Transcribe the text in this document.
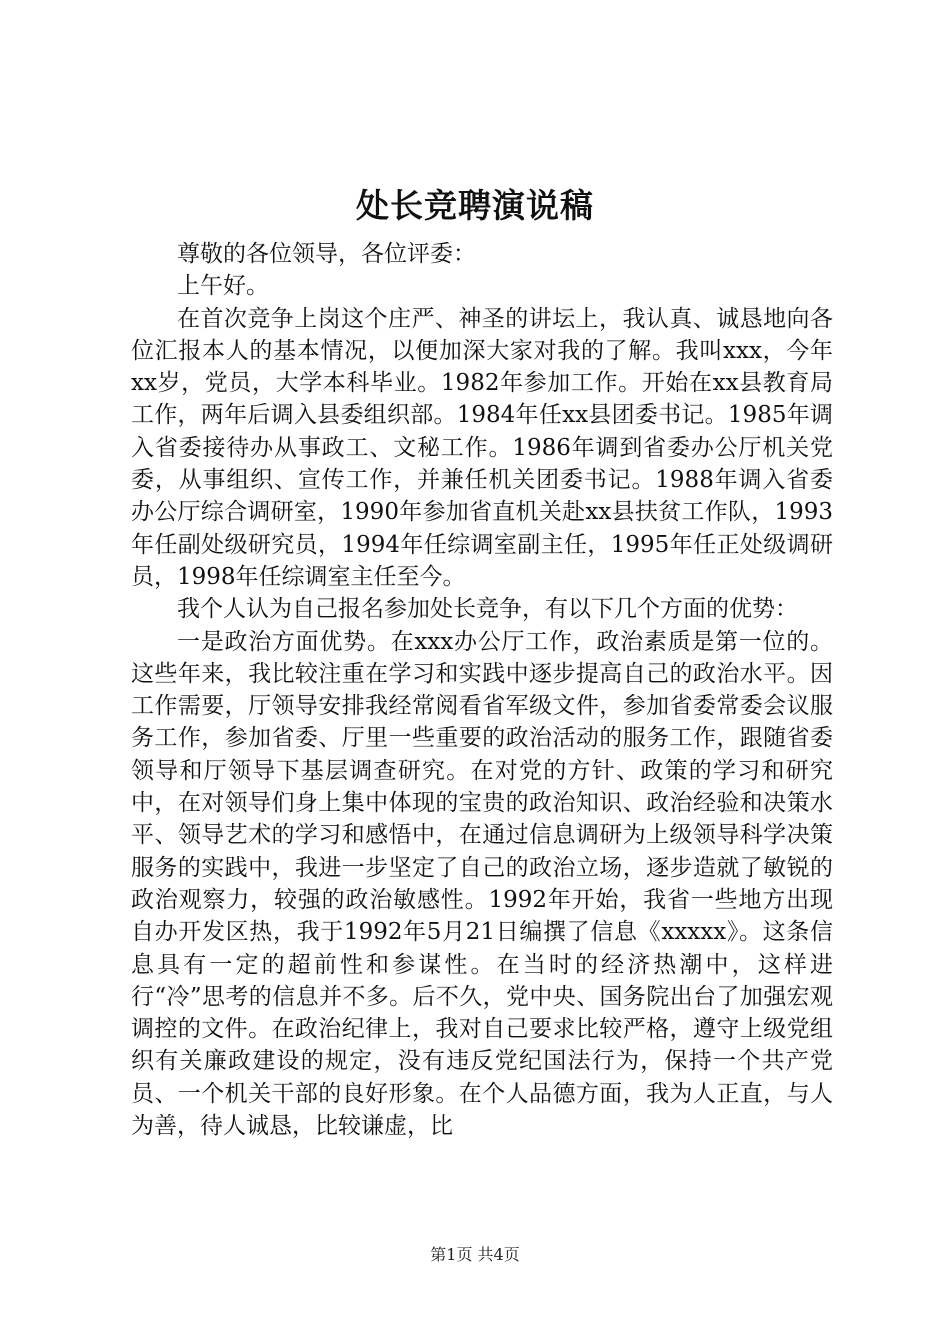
处长竞聘演说稿

尊敬的各位领导，各位评委：

上午好。

在首次竞争上岗这个庄严、神圣的讲坛上，我认真、诚恳地向各位汇报本人的基本情况，以便加深大家对我的了解。我叫xxx，今年xx岁，党员，大学本科毕业。1982年参加工作。开始在xx县教育局工作，两年后调入县委组织部。1984年任xx县团委书记。1985年调入省委接待办从事政工、文秘工作。1986年调到省委办公厅机关党委，从事组织、宣传工作，并兼任机关团委书记。1988年调入省委办公厅综合调研室，1990年参加省直机关赴xx县扶贫工作队，1993年任副处级研究员，1994年任综调室副主任，1995年任正处级调研员，1998年任综调室主任至今。

我个人认为自己报名参加处长竞争，有以下几个方面的优势：

一是政治方面优势。在xxx办公厅工作，政治素质是第一位的。这些年来，我比较注重在学习和实践中逐步提高自己的政治水平。因工作需要，厅领导安排我经常阅看省军级文件，参加省委常委会议服务工作，参加省委、厅里一些重要的政治活动的服务工作，跟随省委领导和厅领导下基层调查研究。在对党的方针、政策的学习和研究中，在对领导们身上集中体现的宝贵的政治知识、政治经验和决策水平、领导艺术的学习和感悟中，在通过信息调研为上级领导科学决策服务的实践中，我进一步坚定了自己的政治立场，逐步造就了敏锐的政治观察力，较强的政治敏感性。1992年开始，我省一些地方出现自办开发区热，我于1992年5月21日编撰了信息《xxxxx》。这条信息具有一定的超前性和参谋性。在当时的经济热潮中，这样进行“冷”思考的信息并不多。后不久，党中央、国务院出台了加强宏观调控的文件。在政治纪律上，我对自己要求比较严格，遵守上级党组织有关廉政建设的规定，没有违反党纪国法行为，保持一个共产党员、一个机关干部的良好形象。在个人品德方面，我为人正直，与人为善，待人诚恳，比较谦虚，比

第1页 共4页
